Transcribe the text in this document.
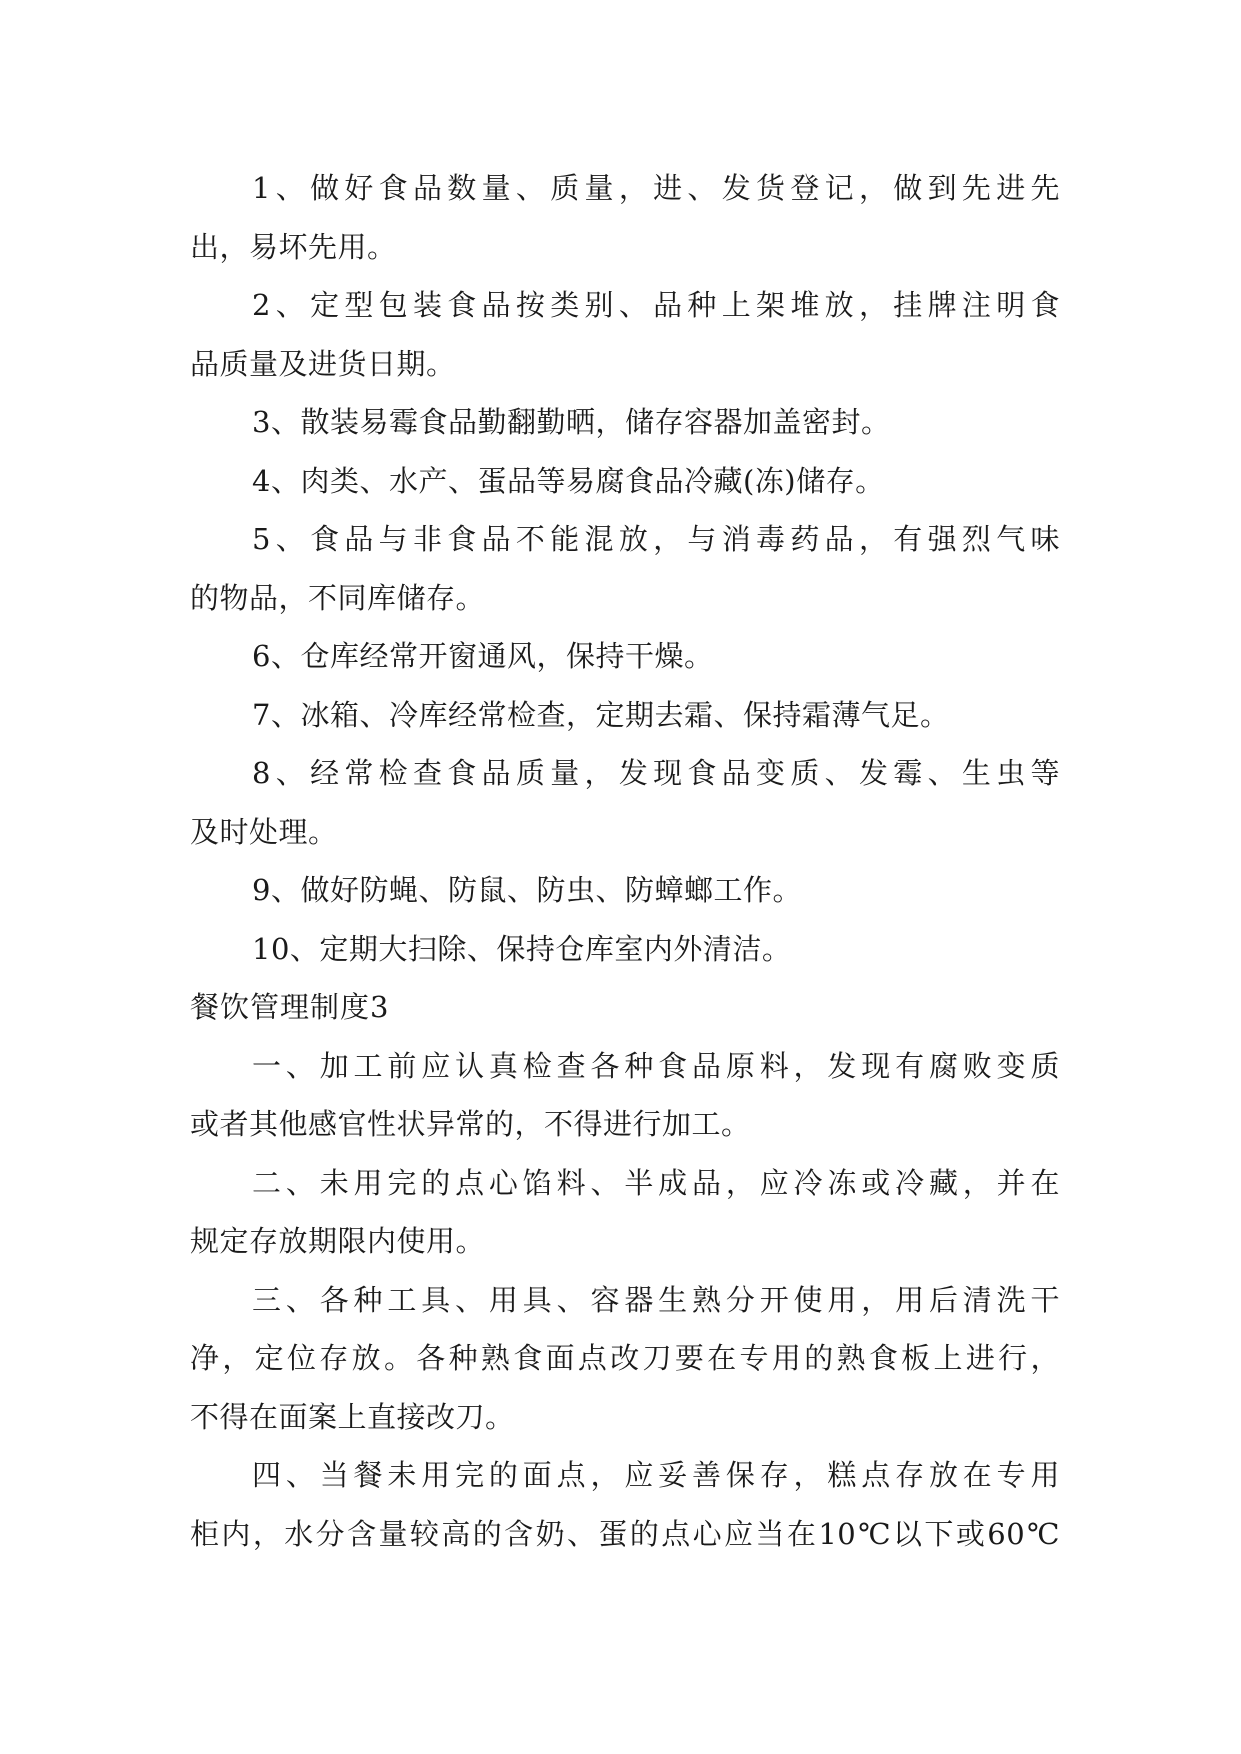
1、做好食品数量、质量，进、发货登记，做到先进先
出，易坏先用。
2、定型包装食品按类别、品种上架堆放，挂牌注明食
品质量及进货日期。
3、散装易霉食品勤翻勤晒，储存容器加盖密封。
4、肉类、水产、蛋品等易腐食品冷藏(冻)储存。
5、食品与非食品不能混放，与消毒药品，有强烈气味
的物品，不同库储存。
6、仓库经常开窗通风，保持干燥。
7、冰箱、冷库经常检查，定期去霜、保持霜薄气足。
8、经常检查食品质量，发现食品变质、发霉、生虫等
及时处理。
9、做好防蝇、防鼠、防虫、防蟑螂工作。
10、定期大扫除、保持仓库室内外清洁。
餐饮管理制度3
一、加工前应认真检查各种食品原料，发现有腐败变质
或者其他感官性状异常的，不得进行加工。
二、未用完的点心馅料、半成品，应冷冻或冷藏，并在
规定存放期限内使用。
三、各种工具、用具、容器生熟分开使用，用后清洗干
净，定位存放。各种熟食面点改刀要在专用的熟食板上进行，
不得在面案上直接改刀。
四、当餐未用完的面点，应妥善保存，糕点存放在专用
柜内，水分含量较高的含奶、蛋的点心应当在10℃以下或60℃
